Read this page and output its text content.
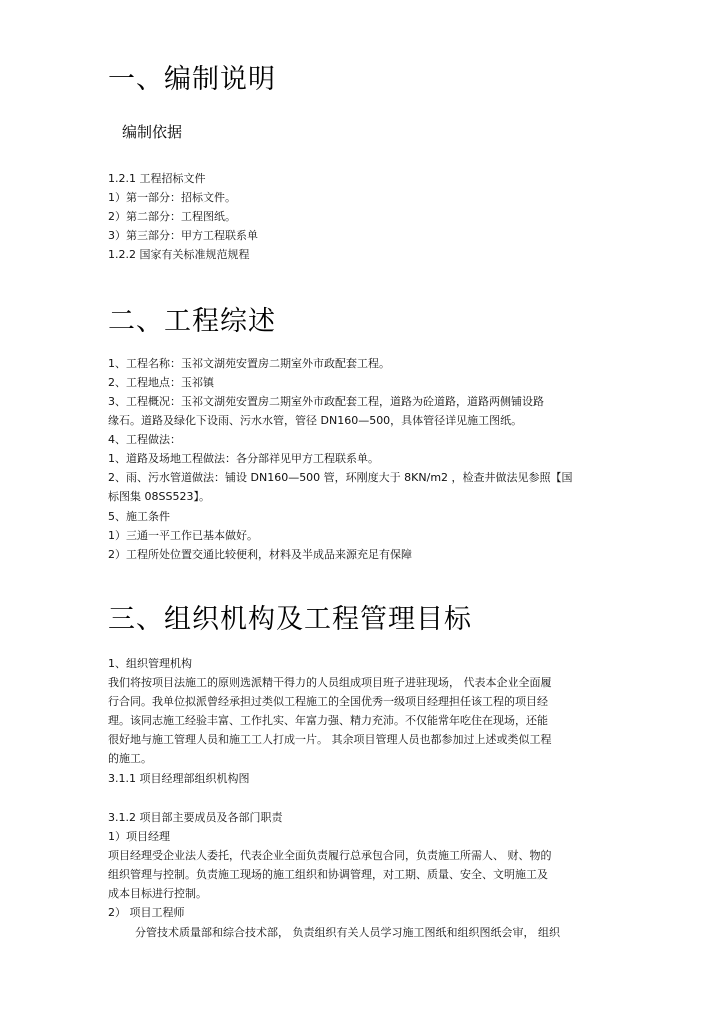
一、编制说明
编制依据
1.2.1 工程招标文件
1）第一部分：招标文件。
2）第二部分：工程图纸。
3）第三部分：甲方工程联系单
1.2.2 国家有关标准规范规程
二、工程综述
1、工程名称：玉祁文湖苑安置房二期室外市政配套工程。
2、工程地点：玉祁镇
3、工程概况：玉祁文湖苑安置房二期室外市政配套工程，道路为砼道路，道路两侧铺设路
缘石。道路及绿化下设雨、污水水管，管径 DN160—500，具体管径详见施工图纸。
4、工程做法：
1、道路及场地工程做法：各分部祥见甲方工程联系单。
2、雨、污水管道做法：铺设 DN160—500 管，环刚度大于 8KN/m2 ，检查井做法见参照【国
标图集 08SS523】。
5、施工条件
1）三通一平工作已基本做好。
2）工程所处位置交通比较便利，材料及半成品来源充足有保障
三、组织机构及工程管理目标
1、组织管理机构
我们将按项目法施工的原则选派精干得力的人员组成项目班子进驻现场， 代表本企业全面履
行合同。我单位拟派曾经承担过类似工程施工的全国优秀一级项目经理担任该工程的项目经
理。该同志施工经验丰富、工作扎实、年富力强、精力充沛。不仅能常年吃住在现场，还能
很好地与施工管理人员和施工工人打成一片。 其余项目管理人员也都参加过上述或类似工程
的施工。
3.1.1 项目经理部组织机构图
3.1.2 项目部主要成员及各部门职责
1）项目经理
项目经理受企业法人委托，代表企业全面负责履行总承包合同，负责施工所需人、 财、物的
组织管理与控制。负责施工现场的施工组织和协调管理，对工期、质量、安全、文明施工及
成本目标进行控制。
2） 项目工程师
分管技术质量部和综合技术部， 负责组织有关人员学习施工图纸和组织图纸会审， 组织
